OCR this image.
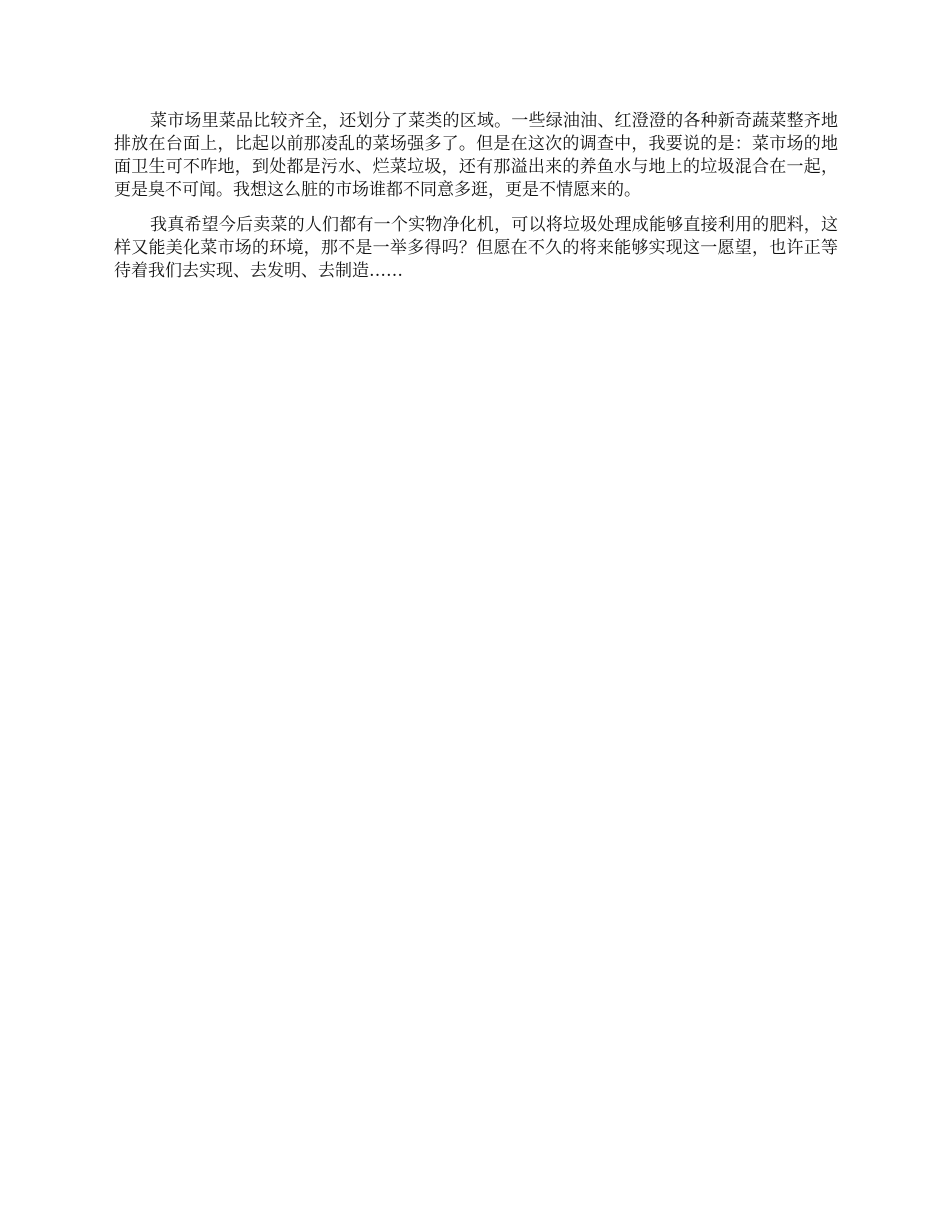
菜市场里菜品比较齐全，还划分了菜类的区域。一些绿油油、红澄澄的各种新奇蔬菜整齐地排放在台面上，比起以前那凌乱的菜场强多了。但是在这次的调查中，我要说的是：菜市场的地面卫生可不咋地，到处都是污水、烂菜垃圾，还有那溢出来的养鱼水与地上的垃圾混合在一起，更是臭不可闻。我想这么脏的市场谁都不同意多逛，更是不情愿来的。

我真希望今后卖菜的人们都有一个实物净化机，可以将垃圾处理成能够直接利用的肥料，这样又能美化菜市场的环境，那不是一举多得吗？但愿在不久的将来能够实现这一愿望，也许正等待着我们去实现、去发明、去制造……
